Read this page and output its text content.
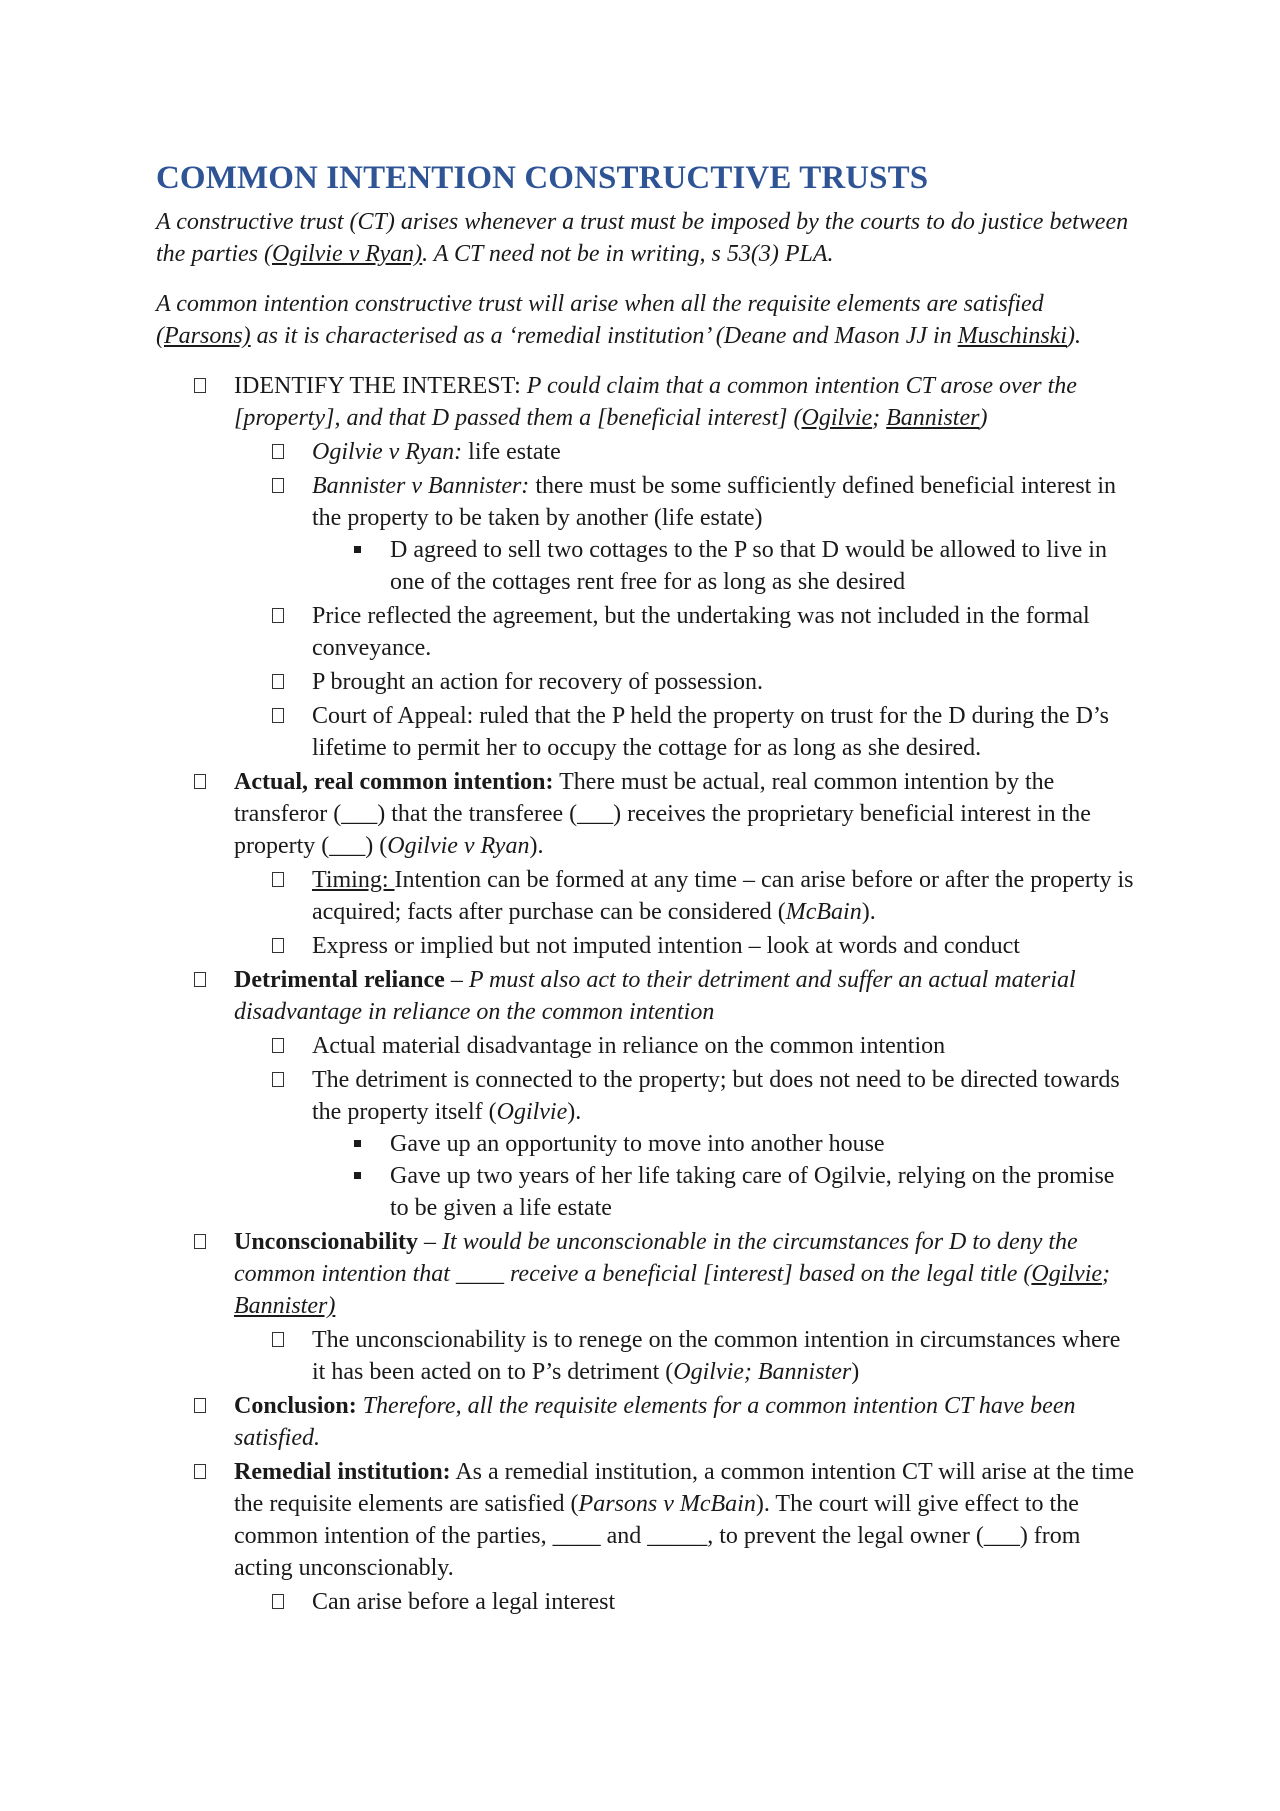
COMMON INTENTION CONSTRUCTIVE TRUSTS

A constructive trust (CT) arises whenever a trust must be imposed by the courts to do justice between the parties (Ogilvie v Ryan). A CT need not be in writing, s 53(3) PLA.

A common intention constructive trust will arise when all the requisite elements are satisfied (Parsons) as it is characterised as a ‘remedial institution’ (Deane and Mason JJ in Muschinski).

IDENTIFY THE INTEREST: P could claim that a common intention CT arose over the [property], and that D passed them a [beneficial interest] (Ogilvie; Bannister)
Ogilvie v Ryan: life estate
Bannister v Bannister: there must be some sufficiently defined beneficial interest in the property to be taken by another (life estate)
D agreed to sell two cottages to the P so that D would be allowed to live in one of the cottages rent free for as long as she desired
Price reflected the agreement, but the undertaking was not included in the formal conveyance.
P brought an action for recovery of possession.
Court of Appeal: ruled that the P held the property on trust for the D during the D’s lifetime to permit her to occupy the cottage for as long as she desired.
Actual, real common intention: There must be actual, real common intention by the transferor (___) that the transferee (___) receives the proprietary beneficial interest in the property (___) (Ogilvie v Ryan).
Timing: Intention can be formed at any time – can arise before or after the property is acquired; facts after purchase can be considered (McBain).
Express or implied but not imputed intention – look at words and conduct
Detrimental reliance – P must also act to their detriment and suffer an actual material disadvantage in reliance on the common intention
Actual material disadvantage in reliance on the common intention
The detriment is connected to the property; but does not need to be directed towards the property itself (Ogilvie).
Gave up an opportunity to move into another house
Gave up two years of her life taking care of Ogilvie, relying on the promise to be given a life estate
Unconscionability – It would be unconscionable in the circumstances for D to deny the common intention that ____ receive a beneficial [interest] based on the legal title (Ogilvie; Bannister)
The unconscionability is to renege on the common intention in circumstances where it has been acted on to P’s detriment (Ogilvie; Bannister)
Conclusion: Therefore, all the requisite elements for a common intention CT have been satisfied.
Remedial institution: As a remedial institution, a common intention CT will arise at the time the requisite elements are satisfied (Parsons v McBain). The court will give effect to the common intention of the parties, ____ and _____, to prevent the legal owner (___) from acting unconscionably.
Can arise before a legal interest
